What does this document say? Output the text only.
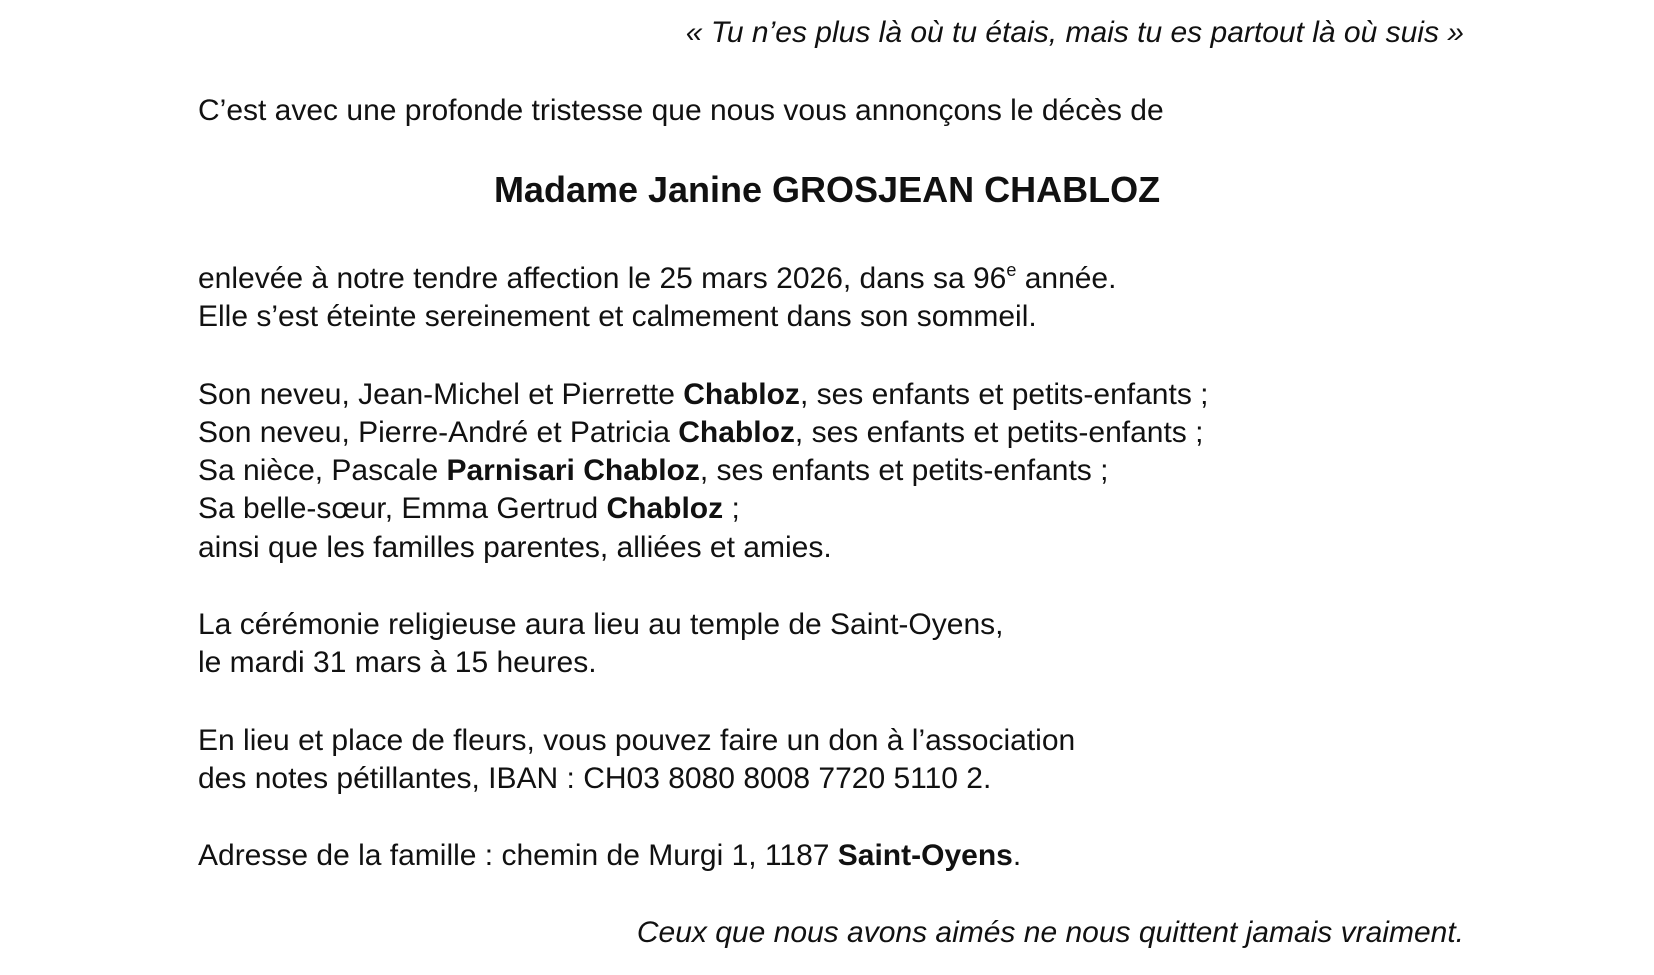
« Tu n’es plus là où tu étais, mais tu es partout là où suis »

C’est avec une profonde tristesse que nous vous annonçons le décès de

Madame Janine GROSJEAN CHABLOZ

enlevée à notre tendre affection le 25 mars 2026, dans sa 96e année.

Elle s’est éteinte sereinement et calmement dans son sommeil.

Son neveu, Jean-Michel et Pierrette Chabloz, ses enfants et petits-enfants ;

Son neveu, Pierre-André et Patricia Chabloz, ses enfants et petits-enfants ;

Sa nièce, Pascale Parnisari Chabloz, ses enfants et petits-enfants ;

Sa belle-sœur, Emma Gertrud Chabloz ;

ainsi que les familles parentes, alliées et amies.

La cérémonie religieuse aura lieu au temple de Saint-Oyens,

le mardi 31 mars à 15 heures.

En lieu et place de fleurs, vous pouvez faire un don à l’association

des notes pétillantes, IBAN : CH03 8080 8008 7720 5110 2.

Adresse de la famille : chemin de Murgi 1, 1187 Saint-Oyens.

Ceux que nous avons aimés ne nous quittent jamais vraiment.
